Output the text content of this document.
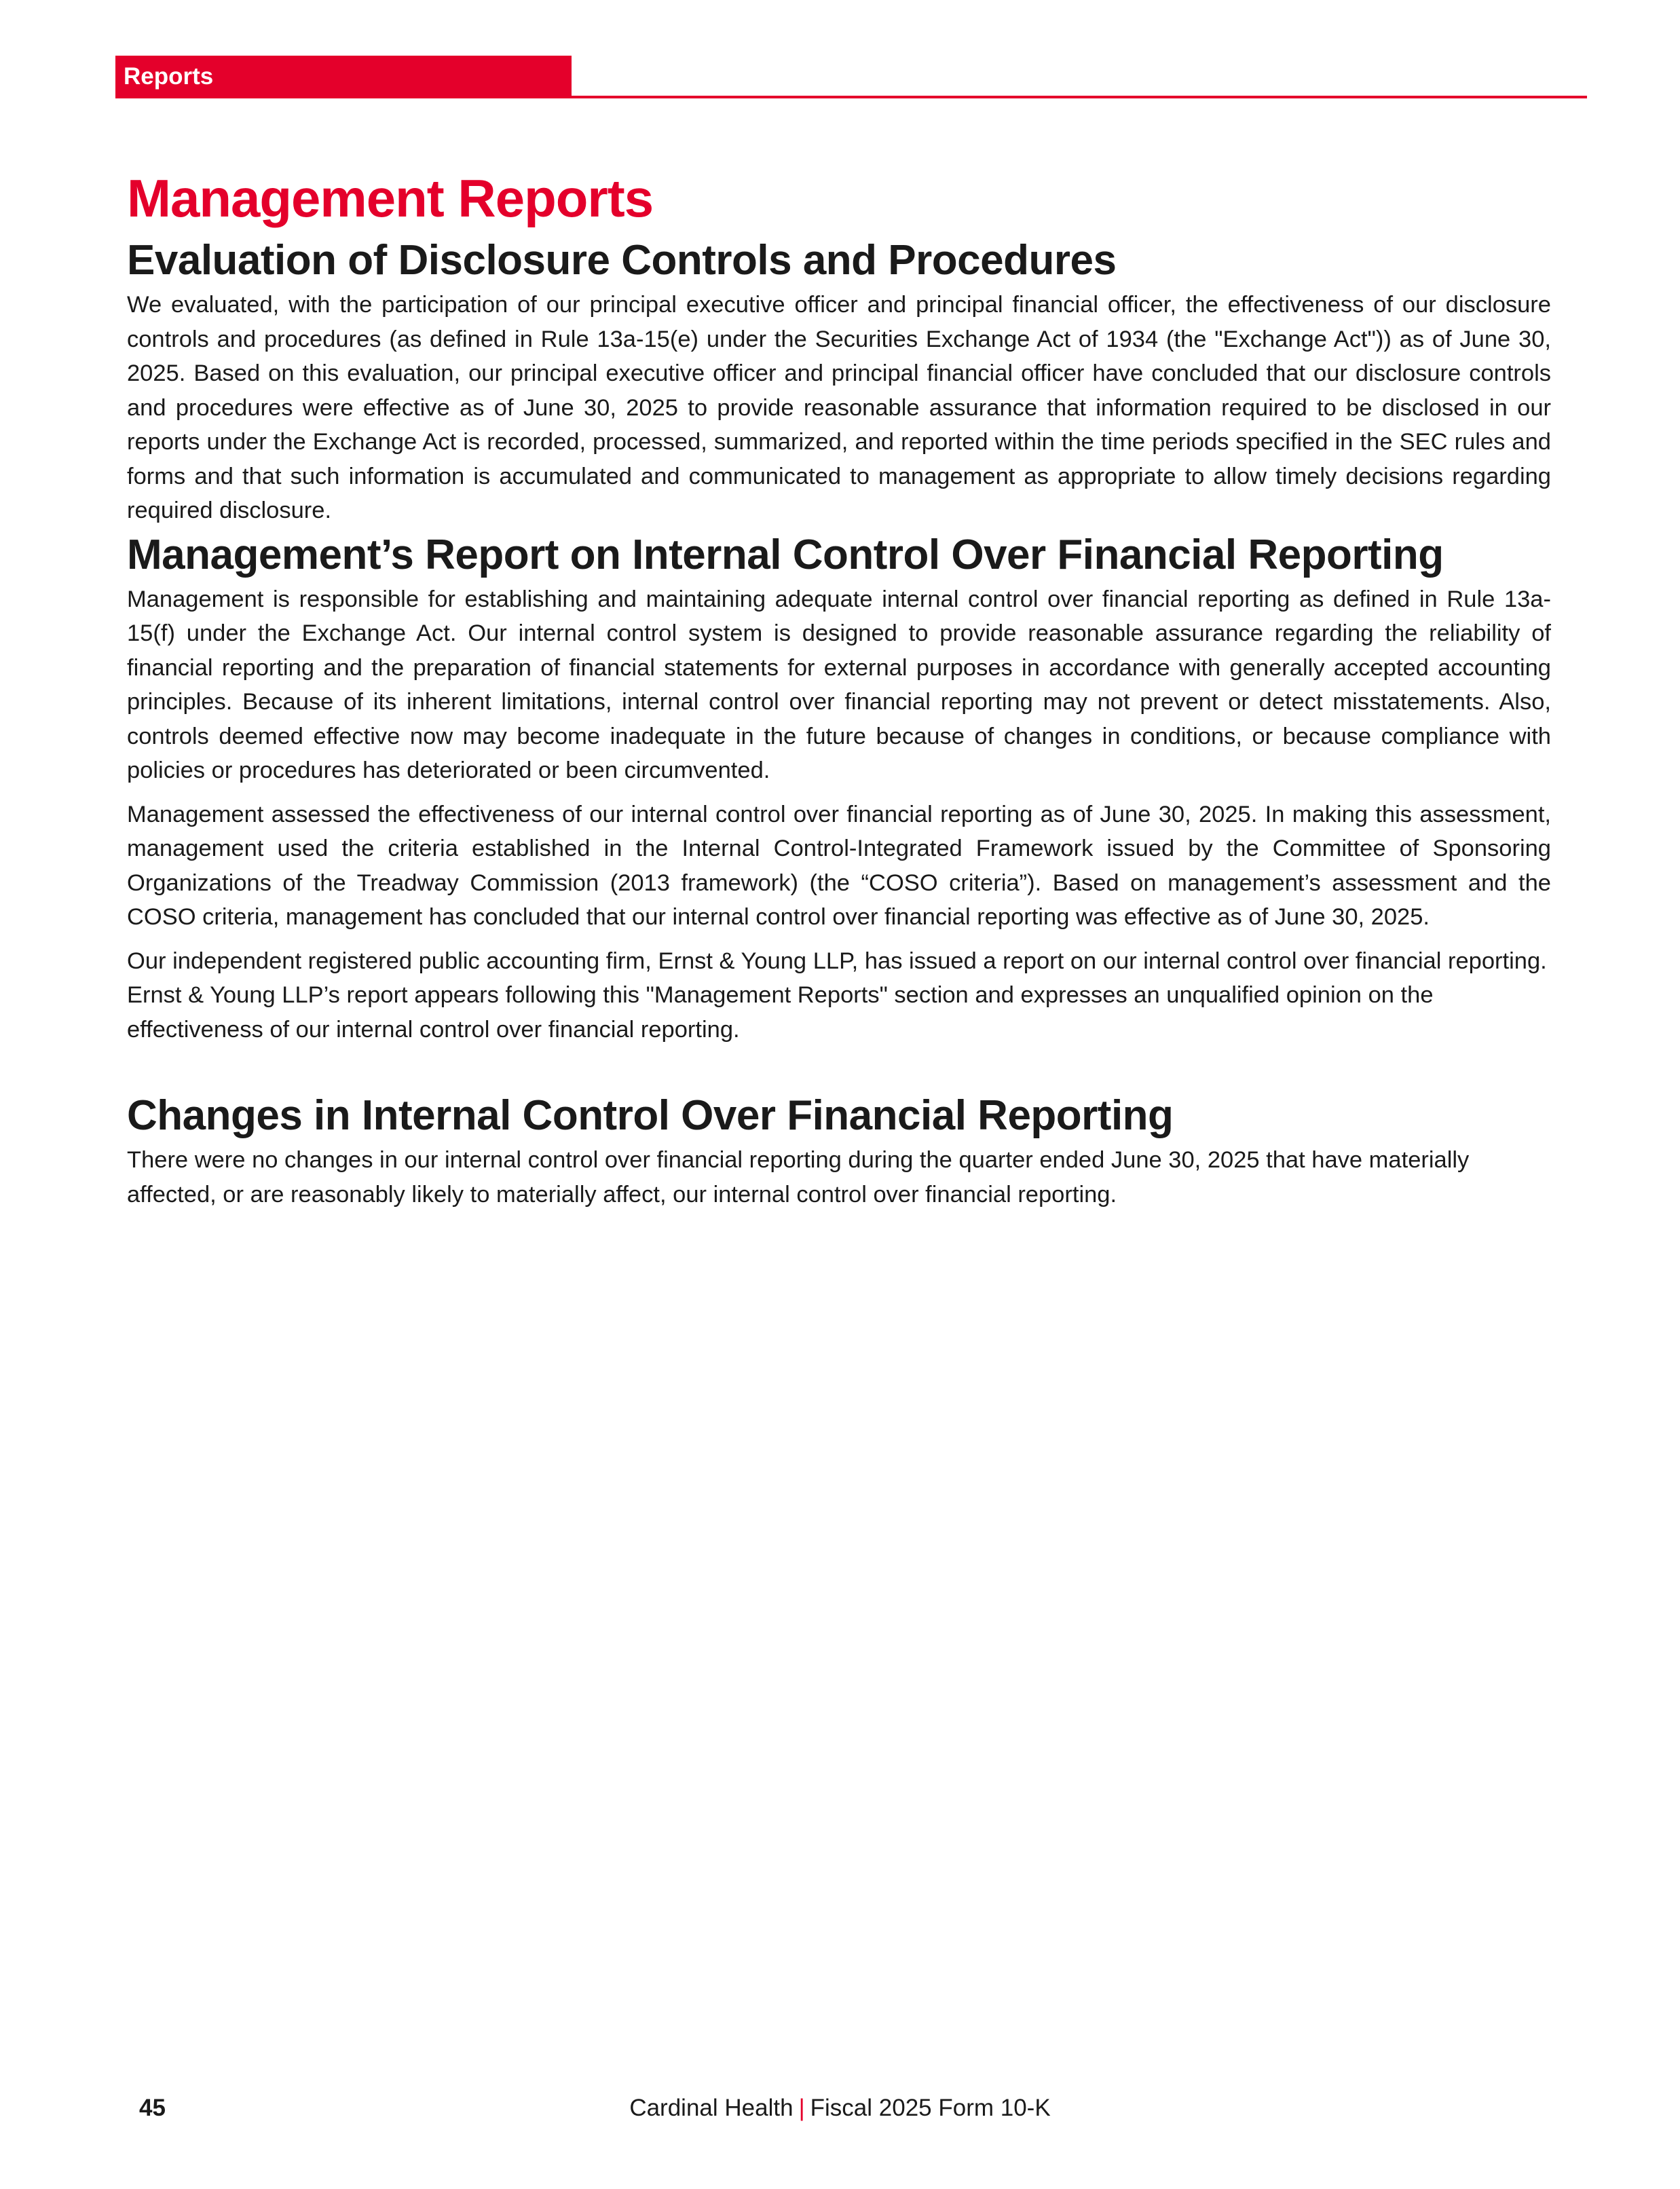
Reports
Management Reports
Evaluation of Disclosure Controls and Procedures

We evaluated, with the participation of our principal executive officer and principal financial officer, the effectiveness of our disclosure controls and procedures (as defined in Rule 13a-15(e) under the Securities Exchange Act of 1934 (the "Exchange Act")) as of June 30, 2025. Based on this evaluation, our principal executive officer and principal financial officer have concluded that our disclosure controls and procedures were effective as of June 30, 2025 to provide reasonable assurance that information required to be disclosed in our reports under the Exchange Act is recorded, processed, summarized, and reported within the time periods specified in the SEC rules and forms and that such information is accumulated and communicated to management as appropriate to allow timely decisions regarding required disclosure.

Management’s Report on Internal Control Over Financial Reporting

Management is responsible for establishing and maintaining adequate internal control over financial reporting as defined in Rule 13a-15(f) under the Exchange Act. Our internal control system is designed to provide reasonable assurance regarding the reliability of financial reporting and the preparation of financial statements for external purposes in accordance with generally accepted accounting principles. Because of its inherent limitations, internal control over financial reporting may not prevent or detect misstatements. Also, controls deemed effective now may become inadequate in the future because of changes in conditions, or because compliance with policies or procedures has deteriorated or been circumvented.

Management assessed the effectiveness of our internal control over financial reporting as of June 30, 2025. In making this assessment, management used the criteria established in the Internal Control-Integrated Framework issued by the Committee of Sponsoring Organizations of the Treadway Commission (2013 framework) (the “COSO criteria”). Based on management’s assessment and the COSO criteria, management has concluded that our internal control over financial reporting was effective as of June 30, 2025.

Our independent registered public accounting firm, Ernst & Young LLP, has issued a report on our internal control over financial reporting. Ernst & Young LLP’s report appears following this "Management Reports" section and expresses an unqualified opinion on the effectiveness of our internal control over financial reporting.

Changes in Internal Control Over Financial Reporting

There were no changes in our internal control over financial reporting during the quarter ended June 30, 2025 that have materially affected, or are reasonably likely to materially affect, our internal control over financial reporting.

45	Cardinal Health | Fiscal 2025 Form 10-K
